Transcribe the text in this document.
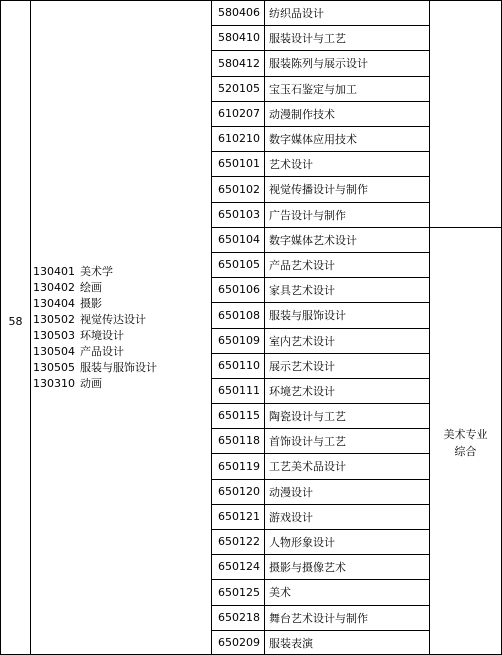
58
130401 美术学
130402 绘画
130404 摄影
130502 视觉传达设计
130503 环境设计
130504 产品设计
130505 服装与服饰设计
130310 动画
美术专业
综合
580406 纺织品设计
580410 服装设计与工艺
580412 服装陈列与展示设计
520105 宝玉石鉴定与加工
610207 动漫制作技术
610210 数字媒体应用技术
650101 艺术设计
650102 视觉传播设计与制作
650103 广告设计与制作
650104 数字媒体艺术设计
650105 产品艺术设计
650106 家具艺术设计
650108 服装与服饰设计
650109 室内艺术设计
650110 展示艺术设计
650111 环境艺术设计
650115 陶瓷设计与工艺
650118 首饰设计与工艺
650119 工艺美术品设计
650120 动漫设计
650121 游戏设计
650122 人物形象设计
650124 摄影与摄像艺术
650125 美术
650218 舞台艺术设计与制作
650209 服装表演
